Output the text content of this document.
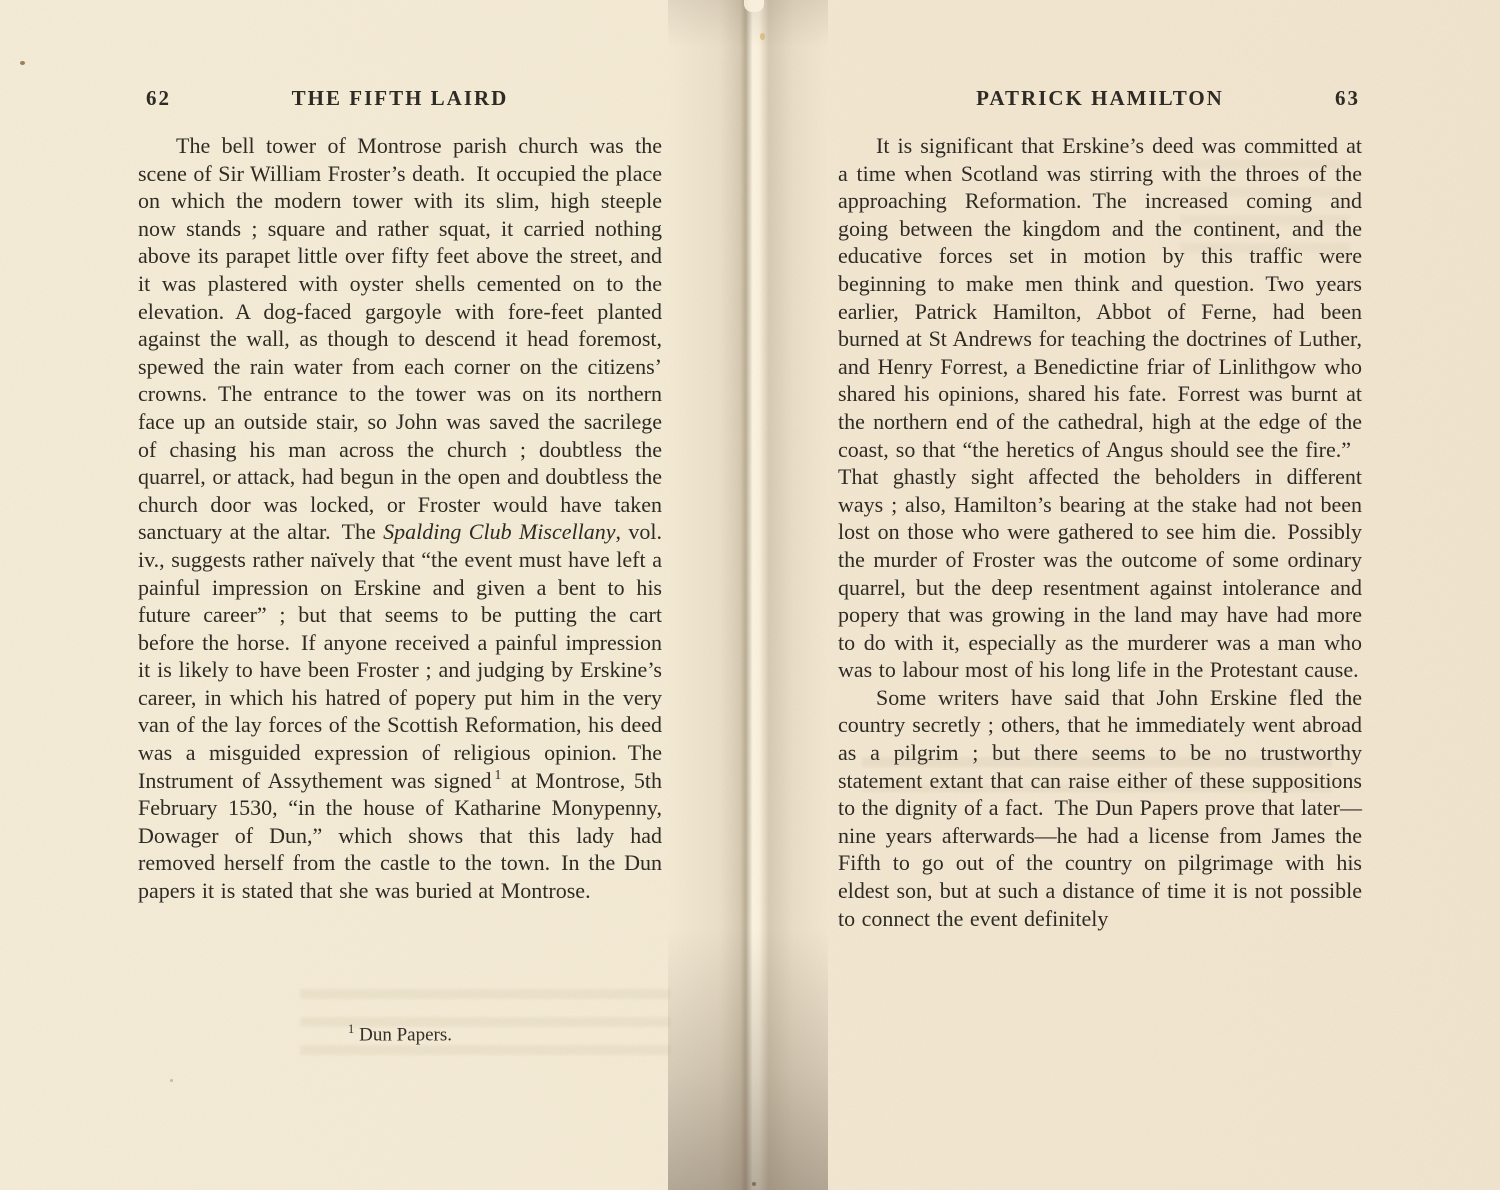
62	THE FIFTH LAIRD

The bell tower of Montrose parish church was the scene of Sir William Froster’s death. It occupied the place on which the modern tower with its slim, high steeple now stands ; square and rather squat, it carried nothing above its parapet little over fifty feet above the street, and it was plastered with oyster shells cemented on to the elevation. A dog-faced gargoyle with fore-feet planted against the wall, as though to descend it head foremost, spewed the rain water from each corner on the citizens’ crowns. The entrance to the tower was on its northern face up an outside stair, so John was saved the sacrilege of chasing his man across the church ; doubtless the quarrel, or attack, had begun in the open and doubtless the church door was locked, or Froster would have taken sanctuary at the altar. The Spalding Club Miscellany, vol. iv., suggests rather naïvely that “the event must have left a painful impression on Erskine and given a bent to his future career” ; but that seems to be putting the cart before the horse. If anyone received a painful impression it is likely to have been Froster ; and judging by Erskine’s career, in which his hatred of popery put him in the very van of the lay forces of the Scottish Reformation, his deed was a misguided expression of religious opinion. The Instrument of Assythement was signed $^1$ at Montrose, 5th February 1530, “in the house of Katharine Monypenny, Dowager of Dun,” which shows that this lady had removed herself from the castle to the town. In the Dun papers it is stated that she was buried at Montrose.

$^1$ Dun Papers.
PATRICK HAMILTON	63

It is significant that Erskine’s deed was committed at a time when Scotland was stirring with the throes of the approaching Reformation. The increased coming and going between the kingdom and the continent, and the educative forces set in motion by this traffic were beginning to make men think and question. Two years earlier, Patrick Hamilton, Abbot of Ferne, had been burned at St Andrews for teaching the doctrines of Luther, and Henry Forrest, a Benedictine friar of Linlithgow who shared his opinions, shared his fate. Forrest was burnt at the northern end of the cathedral, high at the edge of the coast, so that “the heretics of Angus should see the fire.” That ghastly sight affected the beholders in different ways ; also, Hamilton’s bearing at the stake had not been lost on those who were gathered to see him die. Possibly the murder of Froster was the outcome of some ordinary quarrel, but the deep resentment against intolerance and popery that was growing in the land may have had more to do with it, especially as the murderer was a man who was to labour most of his long life in the Protestant cause.

Some writers have said that John Erskine fled the country secretly ; others, that he immediately went abroad as a pilgrim ; but there seems to be no trustworthy statement extant that can raise either of these suppositions to the dignity of a fact. The Dun Papers prove that later—nine years afterwards—he had a license from James the Fifth to go out of the country on pilgrimage with his eldest son, but at such a distance of time it is not possible to connect the event definitely
